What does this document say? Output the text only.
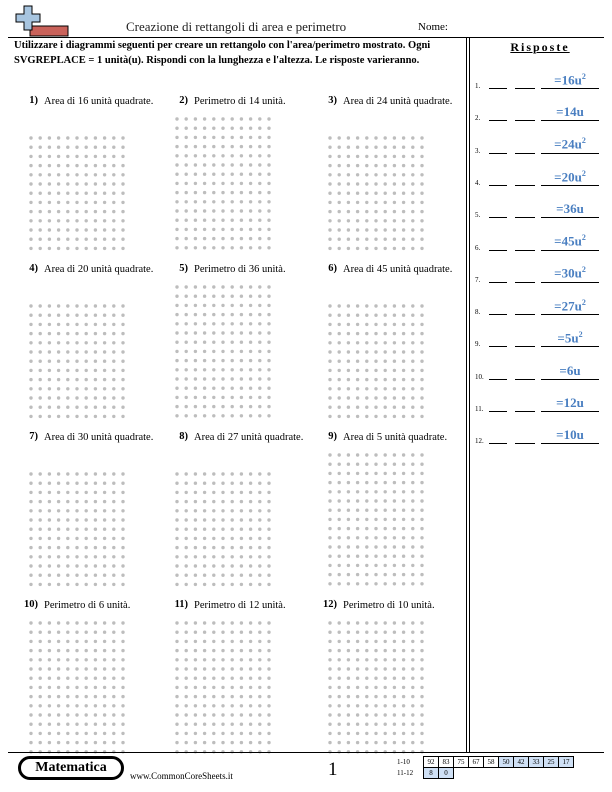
Creazione di rettangoli di area e perimetro	Nome:
Utilizzare i diagrammi seguenti per creare un rettangolo con l'area/perimetro mostrato. Ogni SVGREPLACE = 1 unità(u). Rispondi con la lunghezza e l'altezza. Le risposte varieranno.
1) Area di 16 unità quadrate.	2) Perimetro di 14 unità.	3) Area di 24 unità quadrate.
4) Area di 20 unità quadrate.	5) Perimetro di 36 unità.	6) Area di 45 unità quadrate.
7) Area di 30 unità quadrate.	8) Area di 27 unità quadrate.	9) Area di 5 unità quadrate.
10) Perimetro di 6 unità.	11) Perimetro di 12 unità.	12) Perimetro di 10 unità.
Risposte
1.	$=16u^2$
2.	=14u
3.	$=24u^2$
4.	$=20u^2$
5.	=36u
6.	$=45u^2$
7.	$=30u^2$
8.	$=27u^2$
9.	$=5u^2$
10.	=6u
11.	=12u
12.	=10u
Matematica
www.CommonCoreSheets.it	1	1-10	92	83	75	67	58	50	42	33	25	17
11-12	8	0								
